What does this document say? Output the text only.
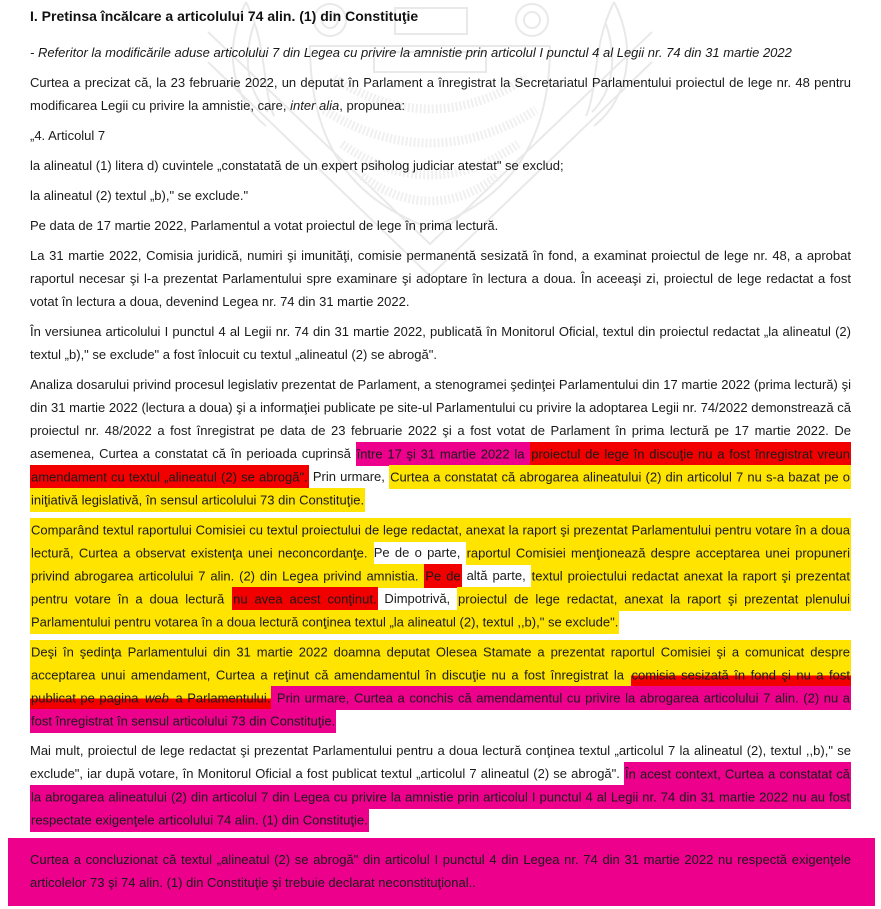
I. Pretinsa încălcare a articolului 74 alin. (1) din Constituţie

- Referitor la modificările aduse articolului 7 din Legea cu privire la amnistie prin articolul I punctul 4 al Legii nr. 74 din 31 martie 2022

Curtea a precizat că, la 23 februarie 2022, un deputat în Parlament a înregistrat la Secretariatul Parlamentului proiectul de lege nr. 48 pentru modificarea Legii cu privire la amnistie, care, inter alia, propunea:

„4. Articolul 7

la alineatul (1) litera d) cuvintele „constatată de un expert psiholog judiciar atestat" se exclud;

la alineatul (2) textul „b)," se exclude."

Pe data de 17 martie 2022, Parlamentul a votat proiectul de lege în prima lectură.

La 31 martie 2022, Comisia juridică, numiri şi imunităţi, comisie permanentă sesizată în fond, a examinat proiectul de lege nr. 48, a aprobat raportul necesar şi l-a prezentat Parlamentului spre examinare şi adoptare în lectura a doua. În aceeaşi zi, proiectul de lege redactat a fost votat în lectura a doua, devenind Legea nr. 74 din 31 martie 2022.

În versiunea articolului I punctul 4 al Legii nr. 74 din 31 martie 2022, publicată în Monitorul Oficial, textul din proiectul redactat „la alineatul (2) textul „b)," se exclude" a fost înlocuit cu textul „alineatul (2) se abrogă".

Analiza dosarului privind procesul legislativ prezentat de Parlament, a stenogramei şedinţei Parlamentului din 17 martie 2022 (prima lectură) şi din 31 martie 2022 (lectura a doua) şi a informaţiei publicate pe site-ul Parlamentului cu privire la adoptarea Legii nr. 74/2022 demonstrează că proiectul nr. 48/2022 a fost înregistrat pe data de 23 februarie 2022 şi a fost votat de Parlament în prima lectură pe 17 martie 2022. De asemenea, Curtea a constatat că în perioada cuprinsă între 17 şi 31 martie 2022 la proiectul de lege în discuţie nu a fost înregistrat vreun amendament cu textul „alineatul (2) se abrogă". Prin urmare, Curtea a constatat că abrogarea alineatului (2) din articolul 7 nu s-a bazat pe o iniţiativă legislativă, în sensul articolului 73 din Constituţie.

Comparând textul raportului Comisiei cu textul proiectului de lege redactat, anexat la raport şi prezentat Parlamentului pentru votare în a doua lectură, Curtea a observat existenţa unei neconcordanţe. Pe de o parte, raportul Comisiei menţionează despre acceptarea unei propuneri privind abrogarea articolului 7 alin. (2) din Legea privind amnistia. Pe de altă parte, textul proiectului redactat anexat la raport şi prezentat pentru votare în a doua lectură nu avea acest conţinut. Dimpotrivă, proiectul de lege redactat, anexat la raport şi prezentat plenului Parlamentului pentru votarea în a doua lectură conţinea textul „la alineatul (2), textul ,,b)," se exclude".

Deşi în şedinţa Parlamentului din 31 martie 2022 doamna deputat Olesea Stamate a prezentat raportul Comisiei şi a comunicat despre acceptarea unui amendament, Curtea a reţinut că amendamentul în discuţie nu a fost înregistrat la comisia sesizată în fond şi nu a fost publicat pe pagina web a Parlamentului. Prin urmare, Curtea a conchis că amendamentul cu privire la abrogarea articolului 7 alin. (2) nu a fost înregistrat în sensul articolului 73 din Constituţie.

Mai mult, proiectul de lege redactat şi prezentat Parlamentului pentru a doua lectură conţinea textul „articolul 7 la alineatul (2), textul ,,b)," se exclude", iar după votare, în Monitorul Oficial a fost publicat textul „articolul 7 alineatul (2) se abrogă". În acest context, Curtea a constatat că la abrogarea alineatului (2) din articolul 7 din Legea cu privire la amnistie prin articolul I punctul 4 al Legii nr. 74 din 31 martie 2022 nu au fost respectate exigenţele articolului 74 alin. (1) din Constituţie.

Curtea a concluzionat că textul „alineatul (2) se abrogă" din articolul I punctul 4 din Legea nr. 74 din 31 martie 2022 nu respectă exigenţele articolelor 73 şi 74 alin. (1) din Constituţie şi trebuie declarat neconstituţional..
